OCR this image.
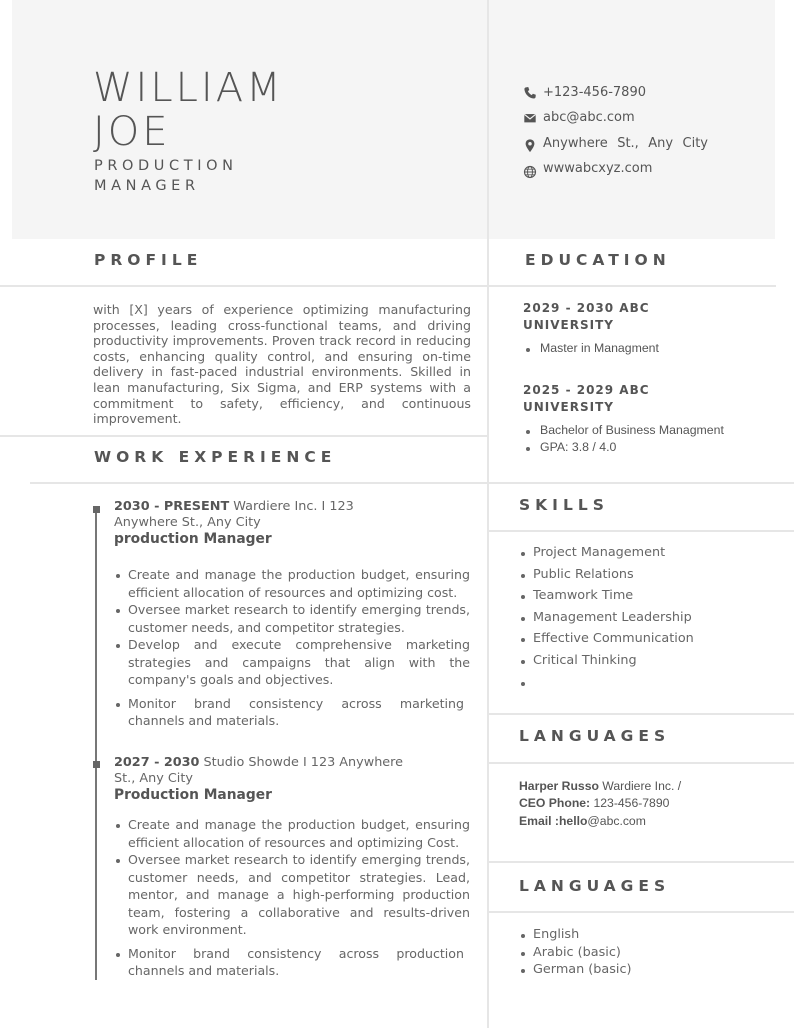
WILLIAM
JOE
PRODUCTION
MANAGER
+123-456-7890
abc@abc.com
Anywhere St., Any City
wwwabcxyz.com
PROFILE	EDUCATION
WORK EXPERIENCE
SKILLS
LANGUAGES
LANGUAGES
with [X] years of experience optimizing manufacturing processes, leading cross-functional teams, and driving productivity improvements. Proven track record in reducing costs, enhancing quality control, and ensuring on-time delivery in fast-paced industrial environments. Skilled in lean manufacturing, Six Sigma, and ERP systems with a commitment to safety, efficiency, and continuous improvement.
2029 - 2030 ABC
UNIVERSITY
Master in Managment
2025 - 2029 ABC
UNIVERSITY
Bachelor of Business Managment
GPA: 3.8 / 4.0
2030 - PRESENT Wardiere Inc. I 123 Anywhere St., Any City
production Manager
Create and manage the production budget, ensuring efficient allocation of resources and optimizing cost.
Oversee market research to identify emerging trends, customer needs, and competitor strategies.
Develop and execute comprehensive marketing strategies and campaigns that align with the company's goals and objectives.
Monitor brand consistency across marketing channels and materials.
2027 - 2030 Studio Showde I 123 Anywhere St., Any City
Production Manager
Create and manage the production budget, ensuring efficient allocation of resources and optimizing Cost.
Oversee market research to identify emerging trends, customer needs, and competitor strategies. Lead, mentor, and manage a high-performing production team, fostering a collaborative and results-driven work environment.
Monitor brand consistency across production channels and materials.
Project Management
Public Relations
Teamwork Time
Management Leadership
Effective Communication
Critical Thinking
Harper Russo Wardiere Inc. /
CEO Phone: 123-456-7890
Email :hello@abc.com
English
Arabic (basic)
German (basic)
